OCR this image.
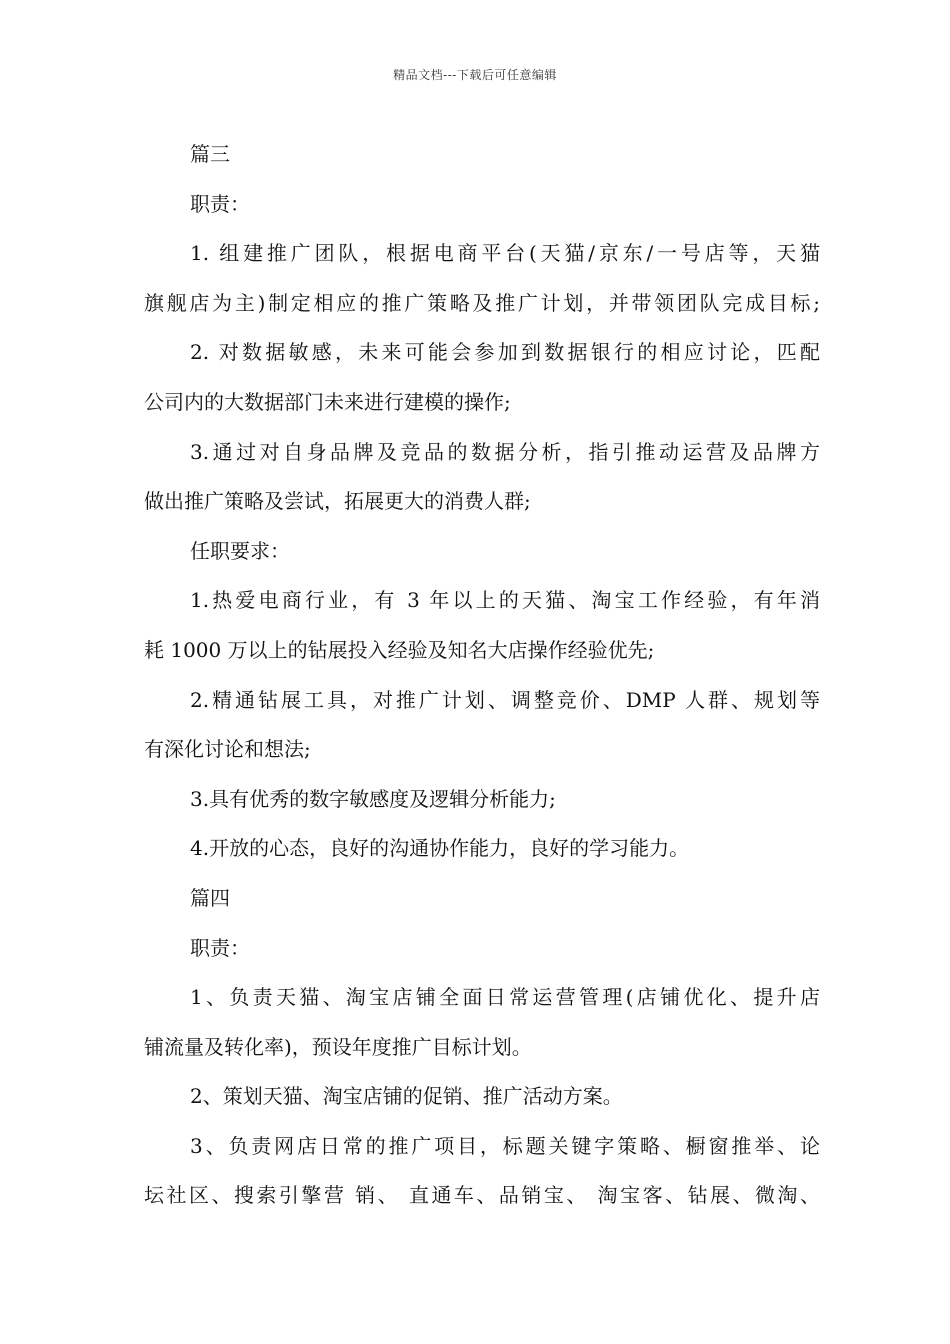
精品文档---下载后可任意编辑
篇三
职责：
1. 组建推广团队，根据电商平台(天猫/京东/一号店等，天猫
旗舰店为主)制定相应的推广策略及推广计划，并带领团队完成目标;
2. 对数据敏感，未来可能会参加到数据银行的相应讨论，匹配
公司内的大数据部门未来进行建模的操作;
3.通过对自身品牌及竞品的数据分析，指引推动运营及品牌方
做出推广策略及尝试，拓展更大的消费人群;
任职要求：
1.热爱电商行业，有 3 年以上的天猫、淘宝工作经验，有年消
耗 1000 万以上的钻展投入经验及知名大店操作经验优先;
2.精通钻展工具，对推广计划、调整竞价、DMP 人群、规划等
有深化讨论和想法;
3.具有优秀的数字敏感度及逻辑分析能力;
4.开放的心态，良好的沟通协作能力，良好的学习能力。
篇四
职责：
1、负责天猫、淘宝店铺全面日常运营管理(店铺优化、提升店
铺流量及转化率)，预设年度推广目标计划。
2、策划天猫、淘宝店铺的促销、推广活动方案。
3、负责网店日常的推广项目，标题关键字策略、橱窗推举、论
坛社区、搜索引擎营 销、 直通车、品销宝、 淘宝客、钻展、微淘、
